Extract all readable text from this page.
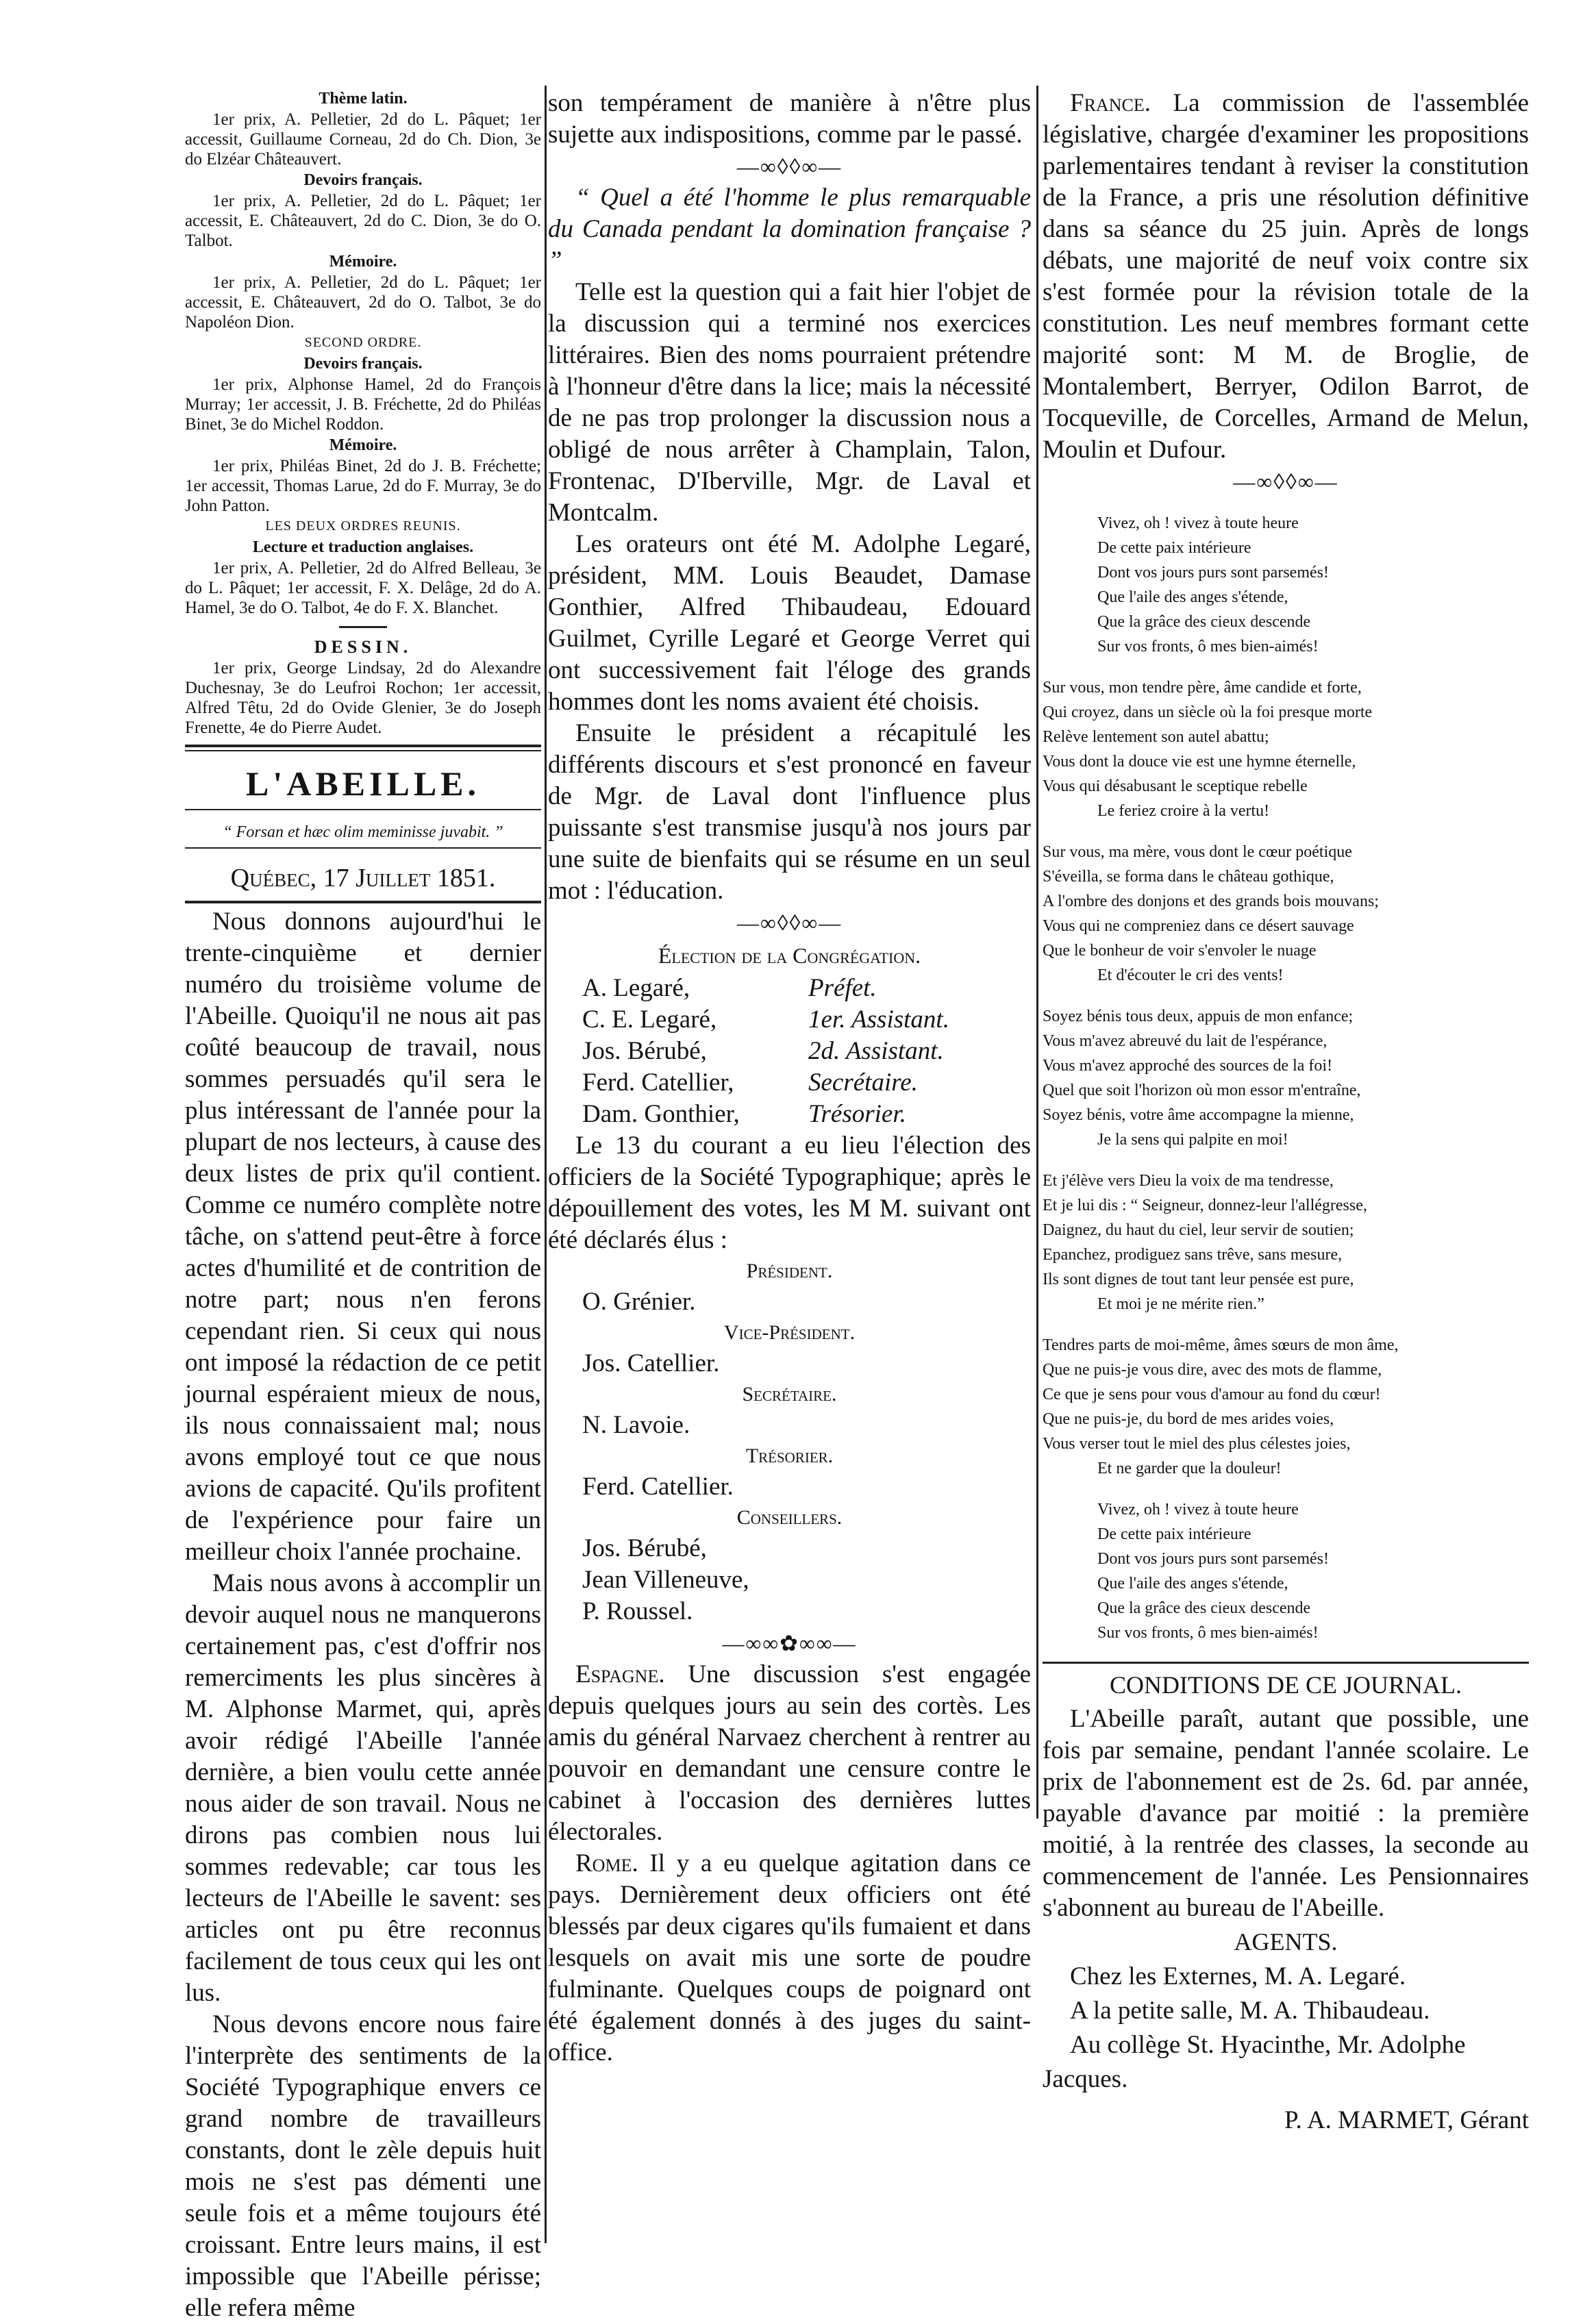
Thème latin.

1er prix, A. Pelletier, 2d do L. Pâquet; 1er accessit, Guillaume Corneau, 2d do Ch. Dion, 3e do Elzéar Châteauvert.

Devoirs français.

1er prix, A. Pelletier, 2d do L. Pâquet; 1er accessit, E. Châteauvert, 2d do C. Dion, 3e do O. Talbot.

Mémoire.

1er prix, A. Pelletier, 2d do L. Pâquet; 1er accessit, E. Châteauvert, 2d do O. Talbot, 3e do Napoléon Dion.

SECOND ORDRE.
Devoirs français.

1er prix, Alphonse Hamel, 2d do François Murray; 1er accessit, J. B. Fréchette, 2d do Philéas Binet, 3e do Michel Roddon.

Mémoire.

1er prix, Philéas Binet, 2d do J. B. Fréchette; 1er accessit, Thomas Larue, 2d do F. Murray, 3e do John Patton.

LES DEUX ORDRES REUNIS.
Lecture et traduction anglaises.

1er prix, A. Pelletier, 2d do Alfred Belleau, 3e do L. Pâquet; 1er accessit, F. X. Delâge, 2d do A. Hamel, 3e do O. Talbot, 4e do F. X. Blanchet.

DESSIN.

1er prix, George Lindsay, 2d do Alexandre Duchesnay, 3e do Leufroi Rochon; 1er accessit, Alfred Têtu, 2d do Ovide Glenier, 3e do Joseph Frenette, 4e do Pierre Audet.

L'ABEILLE.
“ Forsan et hæc olim meminisse juvabit. ”
Québec, 17 Juillet 1851.

Nous donnons aujourd'hui le trente-cinquième et dernier numéro du troisième volume de l'Abeille. Quoiqu'il ne nous ait pas coûté beaucoup de travail, nous sommes persuadés qu'il sera le plus intéressant de l'année pour la plupart de nos lecteurs, à cause des deux listes de prix qu'il contient. Comme ce numéro complète notre tâche, on s'attend peut-être à force actes d'humilité et de contrition de notre part; nous n'en ferons cependant rien. Si ceux qui nous ont imposé la rédaction de ce petit journal espéraient mieux de nous, ils nous connaissaient mal; nous avons employé tout ce que nous avions de capacité. Qu'ils profitent de l'expérience pour faire un meilleur choix l'année prochaine.

Mais nous avons à accomplir un devoir auquel nous ne manquerons certainement pas, c'est d'offrir nos remerciments les plus sincères à M. Alphonse Marmet, qui, après avoir rédigé l'Abeille l'année dernière, a bien voulu cette année nous aider de son travail. Nous ne dirons pas combien nous lui sommes redevable; car tous les lecteurs de l'Abeille le savent: ses articles ont pu être reconnus facilement de tous ceux qui les ont lus.

Nous devons encore nous faire l'interprète des sentiments de la Société Typographique envers ce grand nombre de travailleurs constants, dont le zèle depuis huit mois ne s'est pas démenti une seule fois et a même toujours été croissant. Entre leurs mains, il est impossible que l'Abeille périsse; elle refera même

son tempérament de manière à n'être plus sujette aux indispositions, comme par le passé.

—∞◊◊∞—

“ Quel a été l'homme le plus remarquable du Canada pendant la domination française ? ”

Telle est la question qui a fait hier l'objet de la discussion qui a terminé nos exercices littéraires. Bien des noms pourraient prétendre à l'honneur d'être dans la lice; mais la nécessité de ne pas trop prolonger la discussion nous a obligé de nous arrêter à Champlain, Talon, Frontenac, D'Iberville, Mgr. de Laval et Montcalm.

Les orateurs ont été M. Adolphe Legaré, président, MM. Louis Beaudet, Damase Gonthier, Alfred Thibaudeau, Edouard Guilmet, Cyrille Legaré et George Verret qui ont successivement fait l'éloge des grands hommes dont les noms avaient été choisis.

Ensuite le président a récapitulé les différents discours et s'est prononcé en faveur de Mgr. de Laval dont l'influence plus puissante s'est transmise jusqu'à nos jours par une suite de bienfaits qui se résume en un seul mot : l'éducation.

—∞◊◊∞—
Élection de la Congrégation.
A. Legaré,	Préfet.
C. E. Legaré,	1er. Assistant.
Jos. Bérubé,	2d. Assistant.
Ferd. Catellier,	Secrétaire.
Dam. Gonthier,	Trésorier.

Le 13 du courant a eu lieu l'élection des officiers de la Société Typographique; après le dépouillement des votes, les M M. suivant ont été déclarés élus :

Président.
O. Grénier.
Vice-Président.
Jos. Catellier.
Secrétaire.
N. Lavoie.
Trésorier.
Ferd. Catellier.
Conseillers.
Jos. Bérubé,
Jean Villeneuve,
P. Roussel.
—∞∞✿∞∞—

Espagne. Une discussion s'est engagée depuis quelques jours au sein des cortès. Les amis du général Narvaez cherchent à rentrer au pouvoir en demandant une censure contre le cabinet à l'occasion des dernières luttes électorales.

Rome. Il y a eu quelque agitation dans ce pays. Dernièrement deux officiers ont été blessés par deux cigares qu'ils fumaient et dans lesquels on avait mis une sorte de poudre fulminante. Quelques coups de poignard ont été également donnés à des juges du saint-office.

France. La commission de l'assemblée législative, chargée d'examiner les propositions parlementaires tendant à reviser la constitution de la France, a pris une résolution définitive dans sa séance du 25 juin. Après de longs débats, une majorité de neuf voix contre six s'est formée pour la révision totale de la constitution. Les neuf membres formant cette majorité sont: M M. de Broglie, de Montalembert, Berryer, Odilon Barrot, de Tocqueville, de Corcelles, Armand de Melun, Moulin et Dufour.

—∞◊◊∞—
Vivez, oh ! vivez à toute heure
De cette paix intérieure
Dont vos jours purs sont parsemés!
Que l'aile des anges s'étende,
Que la grâce des cieux descende
Sur vos fronts, ô mes bien-aimés!
Sur vous, mon tendre père, âme candide et forte,
Qui croyez, dans un siècle où la foi presque morte
Relève lentement son autel abattu;
Vous dont la douce vie est une hymne éternelle,
Vous qui désabusant le sceptique rebelle
Le feriez croire à la vertu!
Sur vous, ma mère, vous dont le cœur poétique
S'éveilla, se forma dans le château gothique,
A l'ombre des donjons et des grands bois mouvans;
Vous qui ne compreniez dans ce désert sauvage
Que le bonheur de voir s'envoler le nuage
Et d'écouter le cri des vents!
Soyez bénis tous deux, appuis de mon enfance;
Vous m'avez abreuvé du lait de l'espérance,
Vous m'avez approché des sources de la foi!
Quel que soit l'horizon où mon essor m'entraîne,
Soyez bénis, votre âme accompagne la mienne,
Je la sens qui palpite en moi!
Et j'élève vers Dieu la voix de ma tendresse,
Et je lui dis : “ Seigneur, donnez-leur l'allégresse,
Daignez, du haut du ciel, leur servir de soutien;
Epanchez, prodiguez sans trêve, sans mesure,
Ils sont dignes de tout tant leur pensée est pure,
Et moi je ne mérite rien.”
Tendres parts de moi-même, âmes sœurs de mon âme,
Que ne puis-je vous dire, avec des mots de flamme,
Ce que je sens pour vous d'amour au fond du cœur!
Que ne puis-je, du bord de mes arides voies,
Vous verser tout le miel des plus célestes joies,
Et ne garder que la douleur!
Vivez, oh ! vivez à toute heure
De cette paix intérieure
Dont vos jours purs sont parsemés!
Que l'aile des anges s'étende,
Que la grâce des cieux descende
Sur vos fronts, ô mes bien-aimés!
CONDITIONS DE CE JOURNAL.

L'Abeille paraît, autant que possible, une fois par semaine, pendant l'année scolaire. Le prix de l'abonnement est de 2s. 6d. par année, payable d'avance par moitié : la première moitié, à la rentrée des classes, la seconde au commencement de l'année. Les Pensionnaires s'abonnent au bureau de l'Abeille.

AGENTS.
Chez les Externes, M. A. Legaré.
A la petite salle, M. A. Thibaudeau.
Au collège St. Hyacinthe, Mr. Adolphe Jacques.
P. A. MARMET, Gérant
